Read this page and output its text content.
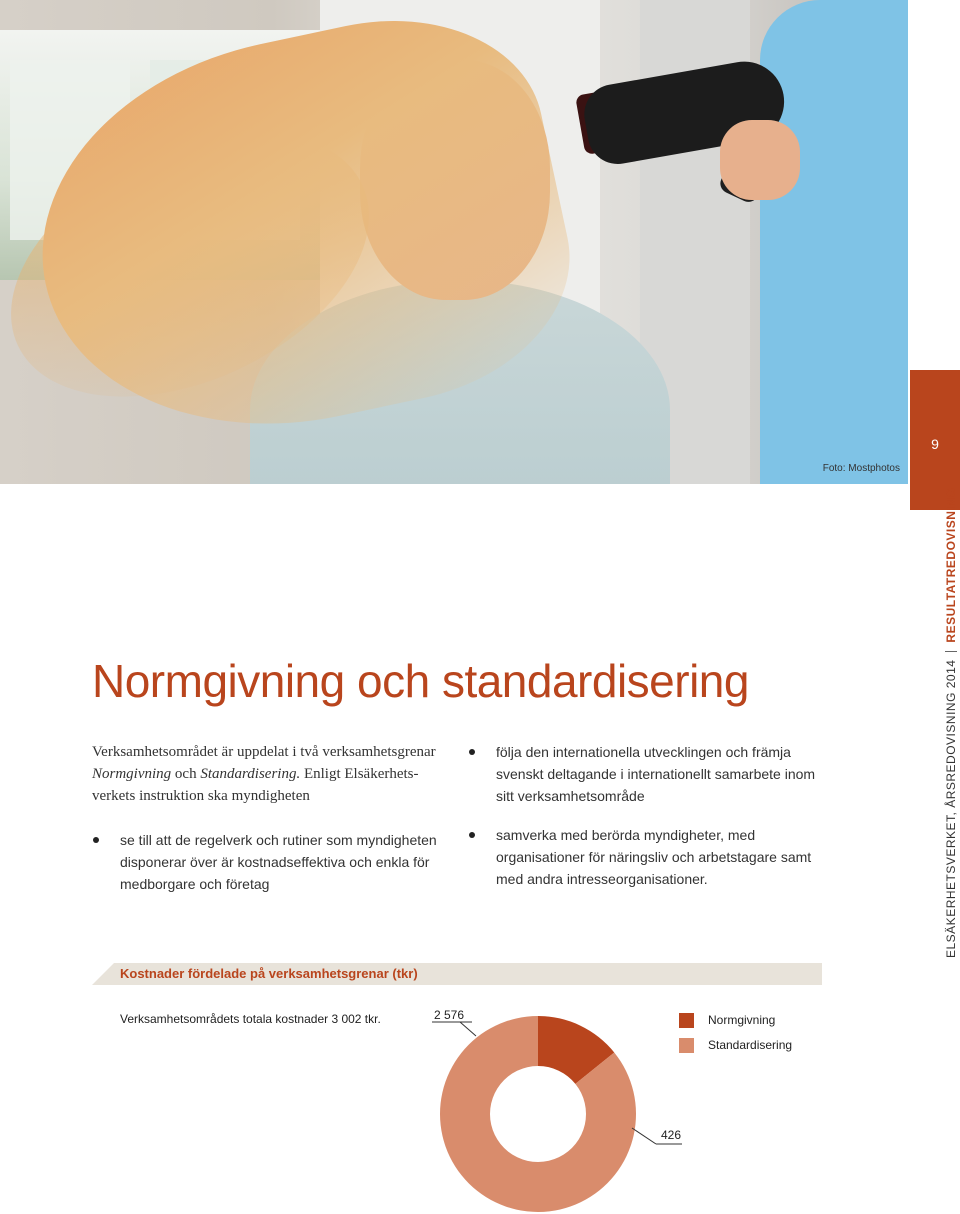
Foto: Mostphotos
9
ELSÄKERHETSVERKET, ÅRSREDOVISNING 2014RESULTATREDOVISNING
Normgivning och standardisering
Verksamhetsområdet är uppdelat i två verksamhetsgrenar Normgivning och Standardisering. Enligt Elsäkerhets-verkets instruktion ska myndigheten
se till att de regelverk och rutiner som myndigheten disponerar över är kostnadseffektiva och enkla för medborgare och företag
följa den internationella utvecklingen och främja svenskt deltagande i internationellt samarbete inom sitt verksamhetsområde
samverka med berörda myndigheter, med organisationer för näringsliv och arbetstagare samt med andra intresseorganisationer.
Kostnader fördelade på verksamhetsgrenar (tkr)
Verksamhetsområdets totala kostnader 3 002 tkr.	Normgivning
Standardisering
2 576
426
